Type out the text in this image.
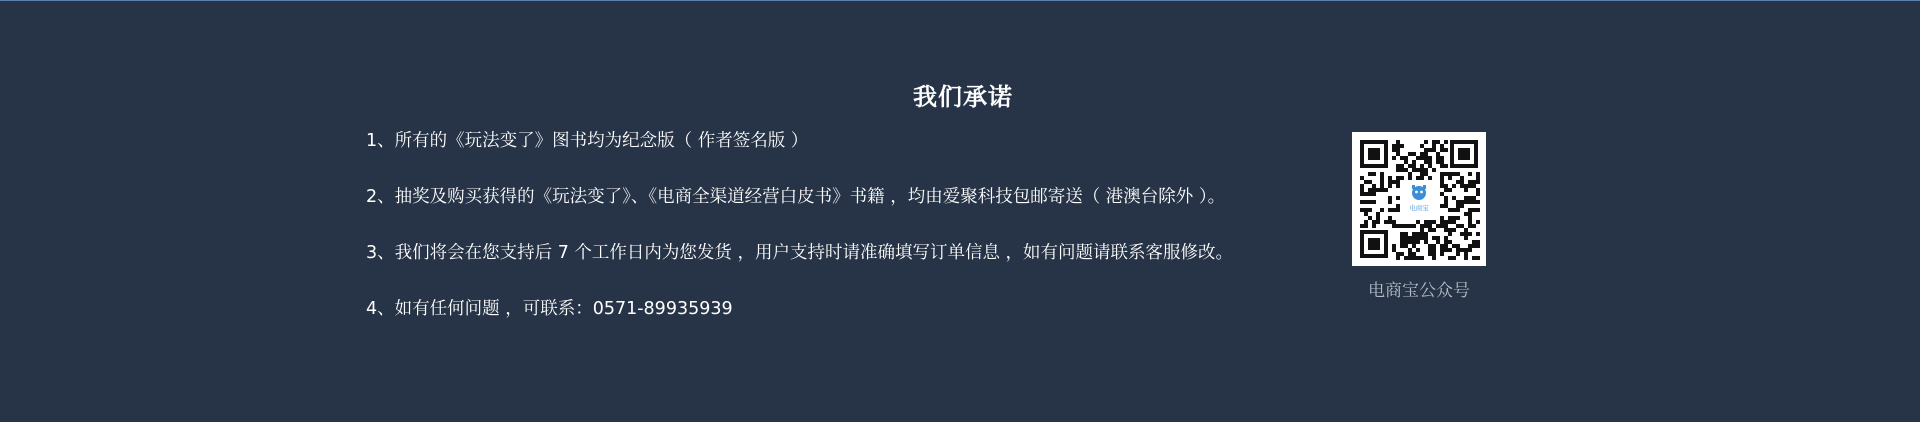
我们承诺
1、所有的《玩法变了》图书均为纪念版（ 作者签名版 ）
2、抽奖及购买获得的《玩法变了》、《电商全渠道经营白皮书》书籍 ，均由爱聚科技包邮寄送（ 港澳台除外 ）。
3、我们将会在您支持后 7 个工作日内为您发货 ，用户支持时请准确填写订单信息 ，如有问题请联系客服修改。
4、如有任何问题 ，可联系：0571-89935939
电商宝
电商宝公众号
